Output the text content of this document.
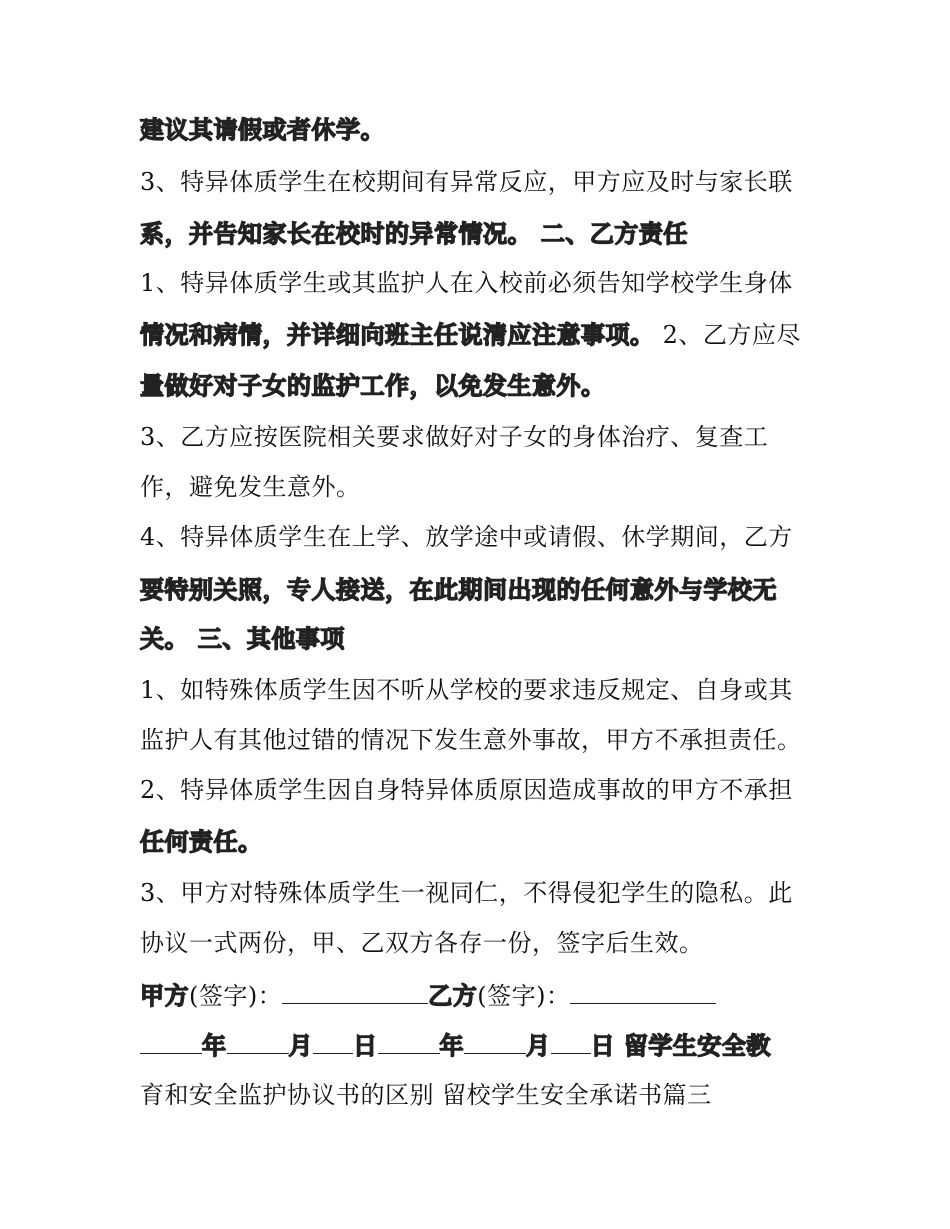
建议其请假或者休学。
3、特异体质学生在校期间有异常反应，甲方应及时与家长联
系，并告知家长在校时的异常情况。 二、乙方责任
1、特异体质学生或其监护人在入校前必须告知学校学生身体
情况和病情，并详细向班主任说清应注意事项。 2、乙方应尽
量做好对子女的监护工作，以免发生意外。
3、乙方应按医院相关要求做好对子女的身体治疗、复查工
作，避免发生意外。
4、特异体质学生在上学、放学途中或请假、休学期间，乙方
要特别关照，专人接送，在此期间出现的任何意外与学校无
关。 三、其他事项
1、如特殊体质学生因不听从学校的要求违反规定、自身或其
监护人有其他过错的情况下发生意外事故，甲方不承担责任。
2、特异体质学生因自身特异体质原因造成事故的甲方不承担
任何责任。
3、甲方对特殊体质学生一视同仁，不得侵犯学生的隐私。此
协议一式两份，甲、乙双方各存一份，签字后生效。
甲方(签字)：	乙方(签字)：
年	月 日	年	月 日 留学生安全教
育和安全监护协议书的区别 留校学生安全承诺书篇三
